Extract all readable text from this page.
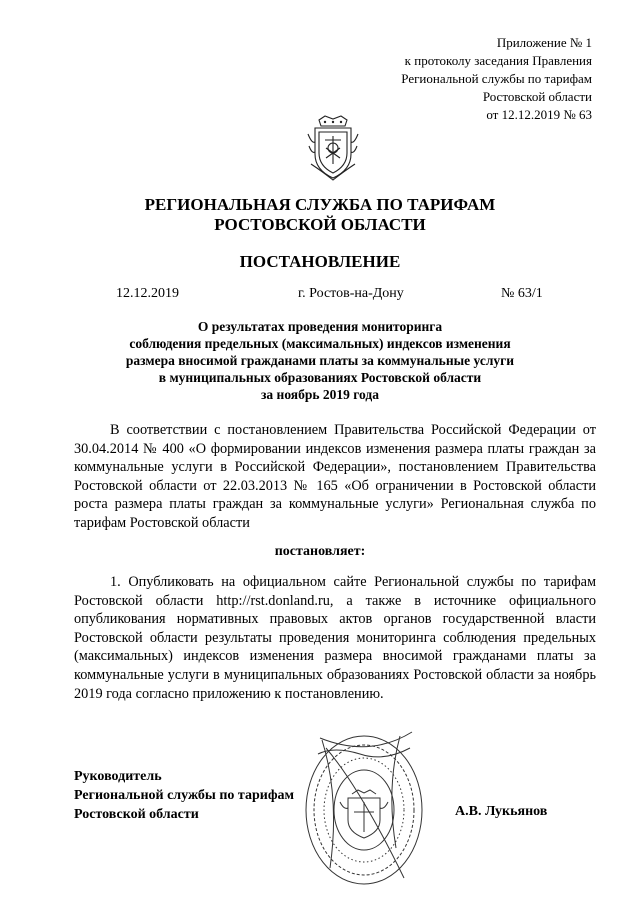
Приложение № 1
к протоколу заседания Правления
Региональной службы по тарифам
Ростовской области
от 12.12.2019 № 63
РЕГИОНАЛЬНАЯ СЛУЖБА ПО ТАРИФАМ
РОСТОВСКОЙ ОБЛАСТИ
ПОСТАНОВЛЕНИЕ
12.12.2019	г. Ростов-на-Дону	№ 63/1
О результатах проведения мониторинга
соблюдения предельных (максимальных) индексов изменения
размера вносимой гражданами платы за коммунальные услуги
в муниципальных образованиях Ростовской области
за ноябрь 2019 года
В соответствии с постановлением Правительства Российской Федерации от 30.04.2014 № 400 «О формировании индексов изменения размера платы граждан за коммунальные услуги в Российской Федерации», постановлением Правительства Ростовской области от 22.03.2013 № 165 «Об ограничении в Ростовской области роста размера платы граждан за коммунальные услуги» Региональная служба по тарифам Ростовской области
постановляет:
1. Опубликовать на официальном сайте Региональной службы по тарифам Ростовской области http://rst.donland.ru, а также в источнике официального опубликования нормативных правовых актов органов государственной власти Ростовской области результаты проведения мониторинга соблюдения предельных (максимальных) индексов изменения размера вносимой гражданами платы за коммунальные услуги в муниципальных образованиях Ростовской области за ноябрь 2019 года согласно приложению к постановлению.
Руководитель
Региональной службы по тарифам
Ростовской области	А.В. Лукьянов
